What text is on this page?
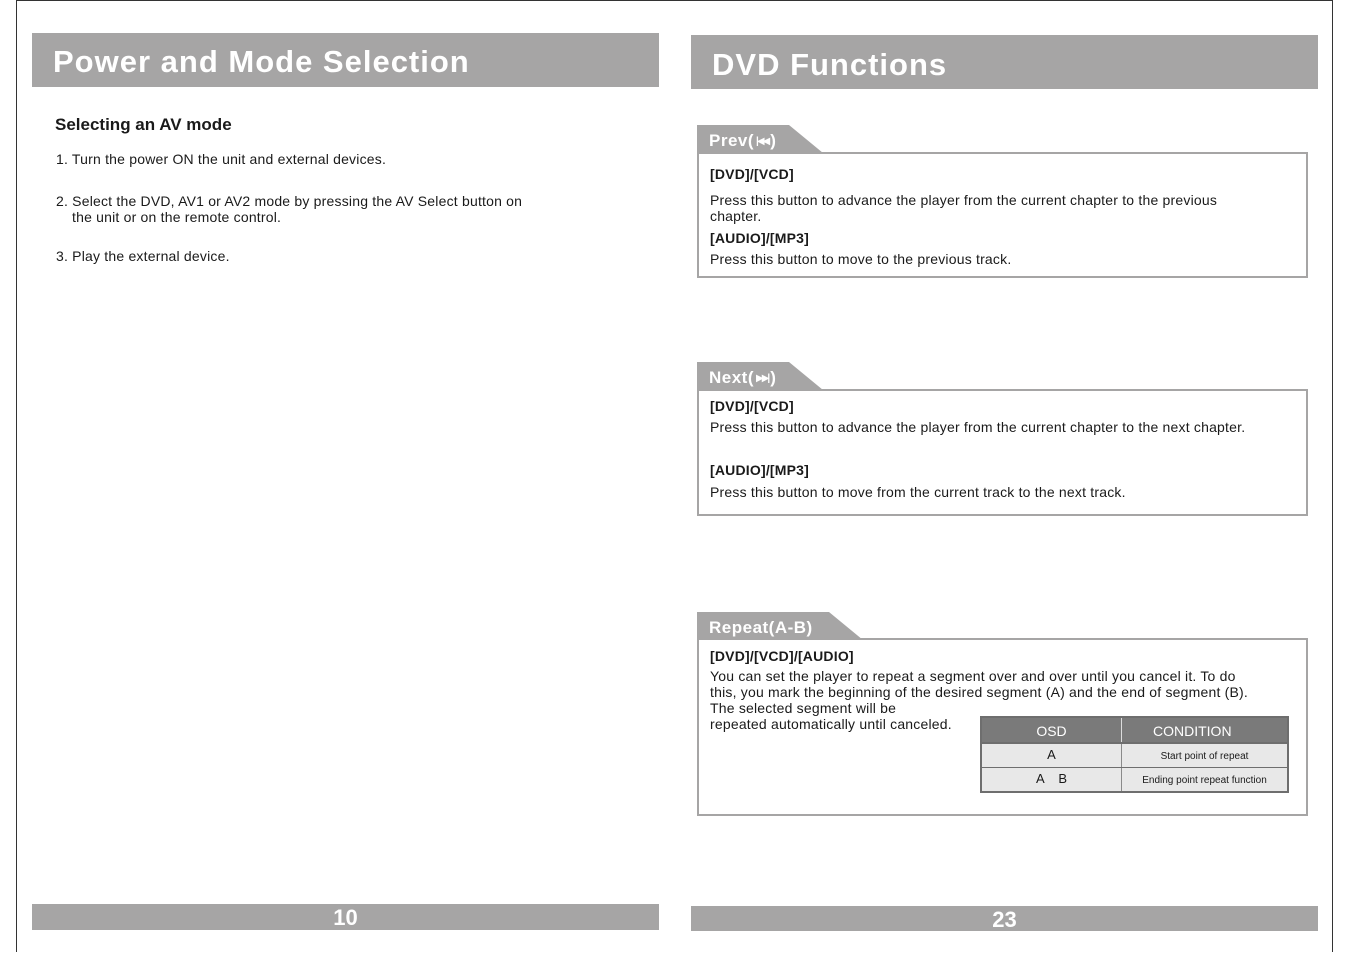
Power and Mode Selection
Selecting an AV mode

1. Turn the power ON the unit and external devices.

2. Select the DVD, AV1 or AV2 mode by pressing the AV Select button on
the unit or on the remote control.

3. Play the external device.

10
DVD Functions
Prev( |◀◀ )

[DVD]/[VCD]

Press this button to advance the player from the current chapter to the previous

chapter.

[AUDIO]/[MP3]

Press this button to move to the previous track.

Next( ▶▶| )

[DVD]/[VCD]

Press this button to advance the player from the current chapter to the next chapter.

[AUDIO]/[MP3]

Press this button to move from the current track to the next track.

Repeat(A-B)

[DVD]/[VCD]/[AUDIO]

You can set the player to repeat a segment over and over until you cancel it. To do

this, you mark the beginning of the desired segment (A) and the end of segment (B).

The selected segment will be

repeated automatically until canceled.	OSD	CONDITION
A	Start point of repeat
A    B	Ending point repeat function
23
